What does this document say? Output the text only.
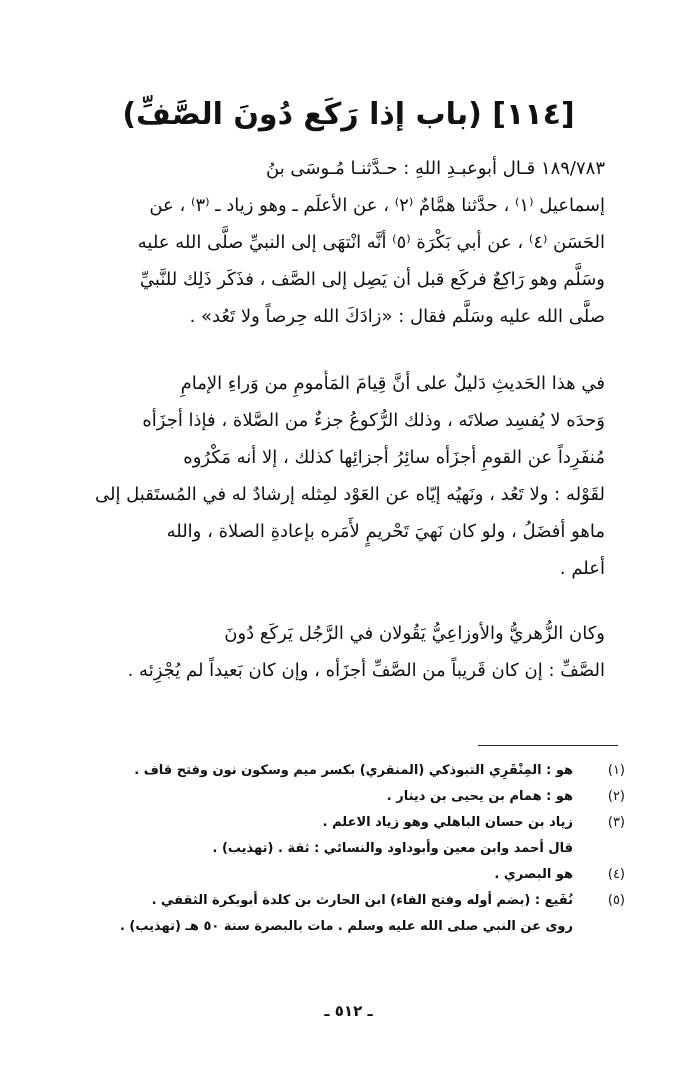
[١١٤] (باب إذا رَكَع دُونَ الصَّفِّ)
١٨٩/٧٨٣ قـال أبوعبـدِ اللهِ : حـدَّثنـا مُـوسَى بنُ
إسماعيل ⁽١⁾ ، حدَّثنا همَّامٌ ⁽٢⁾ ، عن الأعلَم ـ وهو زياد ـ ⁽٣⁾ ، عن
الحَسَن ⁽٤⁾ ، عن أبي بَكْرَة ⁽٥⁾ أنَّه انْتهَى إلى النبيِّ صلَّى الله عليه
وسَلَّم وهو رَاكِعٌ فركَع قبل أن يَصِل إلى الصَّف ، فذَكَر ذَلِك للنَّبيِّ
صلَّى الله عليه وسَلَّم فقال : «زادَكَ الله حِرصاً ولا تَعُد» .
في هذا الحَديثِ دَليلٌ على أنَّ قِيامَ المَأمومِ من وَراءِ الإمامِ
وَحدَه لا يُفسِد صلاتَه ، وذلك الرُّكوعُ جزءٌ من الصَّلاة ، فإذا أجزَأه
مُنفَرِداً عن القومِ أجزَأه سائِرُ أجزائِها كذلك ، إلا أنه مَكْرُوه
لقَوْله : ولا تَعُد ، ونَهيُه إيّاه عن العَوْد لمِثله إرشادٌ له في المُستَقبل إلى
ماهو أفضَلُ ، ولو كان نَهيَ تَحْريمٍ لأَمَره بإعادةِ الصلاة ، والله
أعلم .
وكان الزُّهريُّ والأوزاعِيُّ يَقُولان في الرَّجُل يَركَع دُونَ
الصَّفِّ : إن كان قَريباً من الصَّفِّ أجزَأه ، وإن كان بَعيداً لم يُجْزِئه .
(١)
هو : المِنْقَرِي التبوذكي (المنقري) بكسر ميم وسكون نون وفتح قاف .
(٢)
هو : همام بن يحيى بن دينار .
(٣)
زياد بن حسان الباهلي وهو زياد الاعلم .
قال أحمد وابن معين وأبوداود والنسائي : ثقة . (تهذيب) .
(٤)
هو البصري .
(٥)
نُفَيع : (بضم أوله وفتح الفاء) ابن الحارث بن كلدة أبوبكرة الثقفي .
روى عن النبي صلى الله عليه وسلم . مات بالبصرة سنة ٥٠ هـ (تهذيب) .
ـ ٥١٢ ـ
